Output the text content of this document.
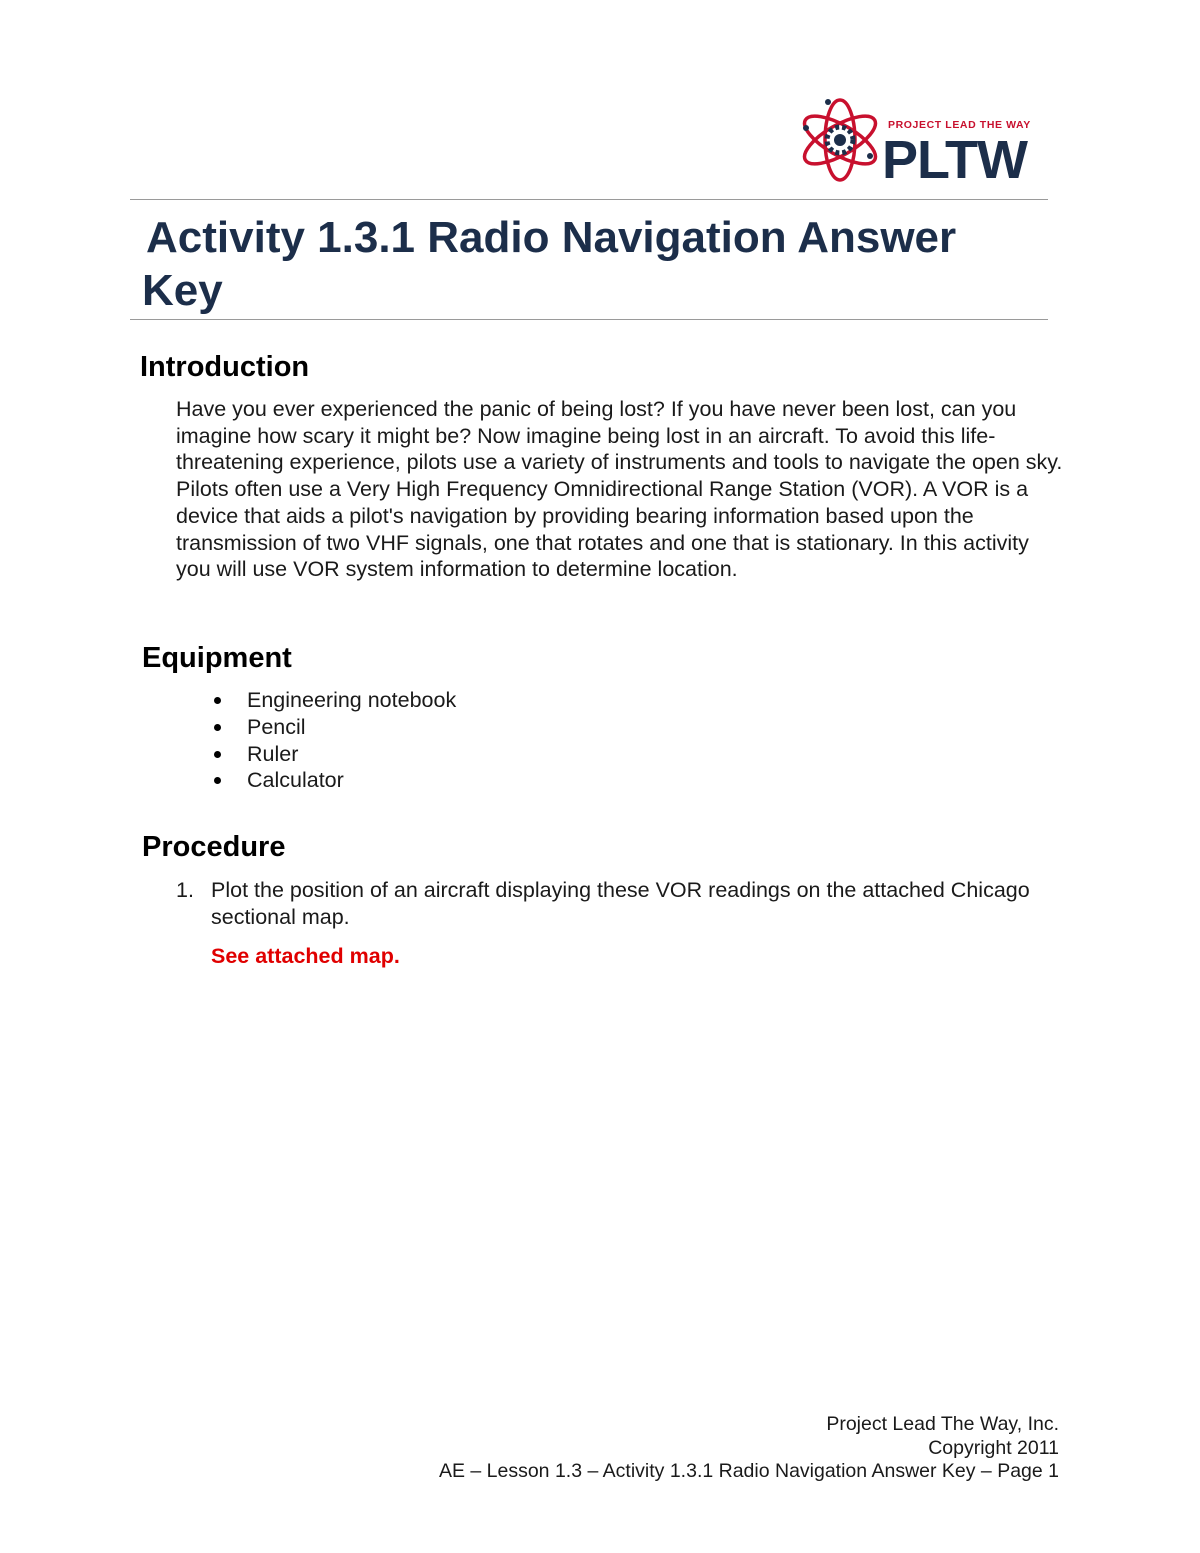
PROJECT LEAD THE WAY
PLTW
Activity 1.3.1 Radio Navigation Answer
Key
Introduction

Have you ever experienced the panic of being lost? If you have never been lost, can you imagine how scary it might be? Now imagine being lost in an aircraft. To avoid this life-threatening experience, pilots use a variety of instruments and tools to navigate the open sky. Pilots often use a Very High Frequency Omnidirectional Range Station (VOR). A VOR is a device that aids a pilot's navigation by providing bearing information based upon the transmission of two VHF signals, one that rotates and one that is stationary. In this activity you will use VOR system information to determine location.

Equipment
Engineering notebook
Pencil
Ruler
Calculator
Procedure
1. Plot the position of an aircraft displaying these VOR readings on the attached Chicago sectional map.
See attached map.
Project Lead The Way, Inc.
Copyright 2011
AE – Lesson 1.3 – Activity 1.3.1 Radio Navigation Answer Key – Page 1
